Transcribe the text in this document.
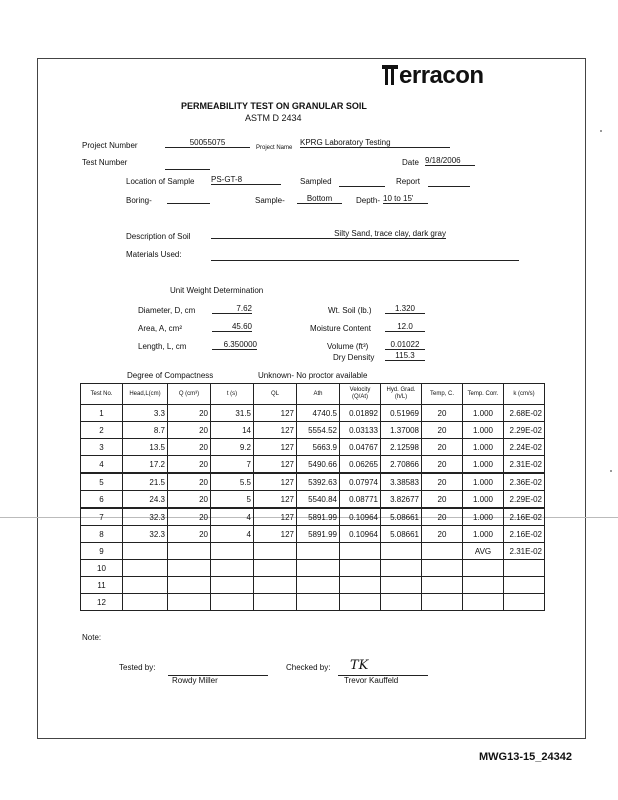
erracon
PERMEABILITY TEST ON GRANULAR SOIL
ASTM D 2434
Project Number	50055075
Project Name
KPRG Laboratory Testing
Test Number	Date 9/18/2006
Location of Sample PS-GT-8	Sampled	Report
Boring-	Sample-	Bottom	Depth- 10 to 15'
Description of Soil	Silty Sand, trace clay, dark gray
Materials Used:
Unit Weight Determination
Diameter, D, cm	7.62
Area, A, cm²	45.60
Length, L, cm	6.350000
Wt. Soil (lb.)	1.320
Moisture Content	12.0
Volume (ft³)	0.01022
Dry Density	115.3
Degree of Compactness	Unknown- No proctor available
Test No.	Head,L(cm)	Q (cm³)	t (s)	QL	Ath	Velocity (Q/At)	Hyd. Grad. (h/L)	Temp, C.	Temp. Corr.	k (cm/s)
1	3.3	20	31.5	127	4740.5	0.01892	0.51969	20	1.000	2.68E-02
2	8.7	20	14	127	5554.52	0.03133	1.37008	20	1.000	2.29E-02
3	13.5	20	9.2	127	5663.9	0.04767	2.12598	20	1.000	2.24E-02
4	17.2	20	7	127	5490.66	0.06265	2.70866	20	1.000	2.31E-02
5	21.5	20	5.5	127	5392.63	0.07974	3.38583	20	1.000	2.36E-02
6	24.3	20	5	127	5540.84	0.08771	3.82677	20	1.000	2.29E-02
7	32.3	20	4	127	5891.99	0.10964	5.08661	20	1.000	2.16E-02
8	32.3	20	4	127	5891.99	0.10964	5.08661	20	1.000	2.16E-02
9									AVG	2.31E-02
10										
11										
12										
Note:
Tested by:
Rowdy Miller
Checked by: TK
Trevor Kauffeld
MWG13-15_24342
